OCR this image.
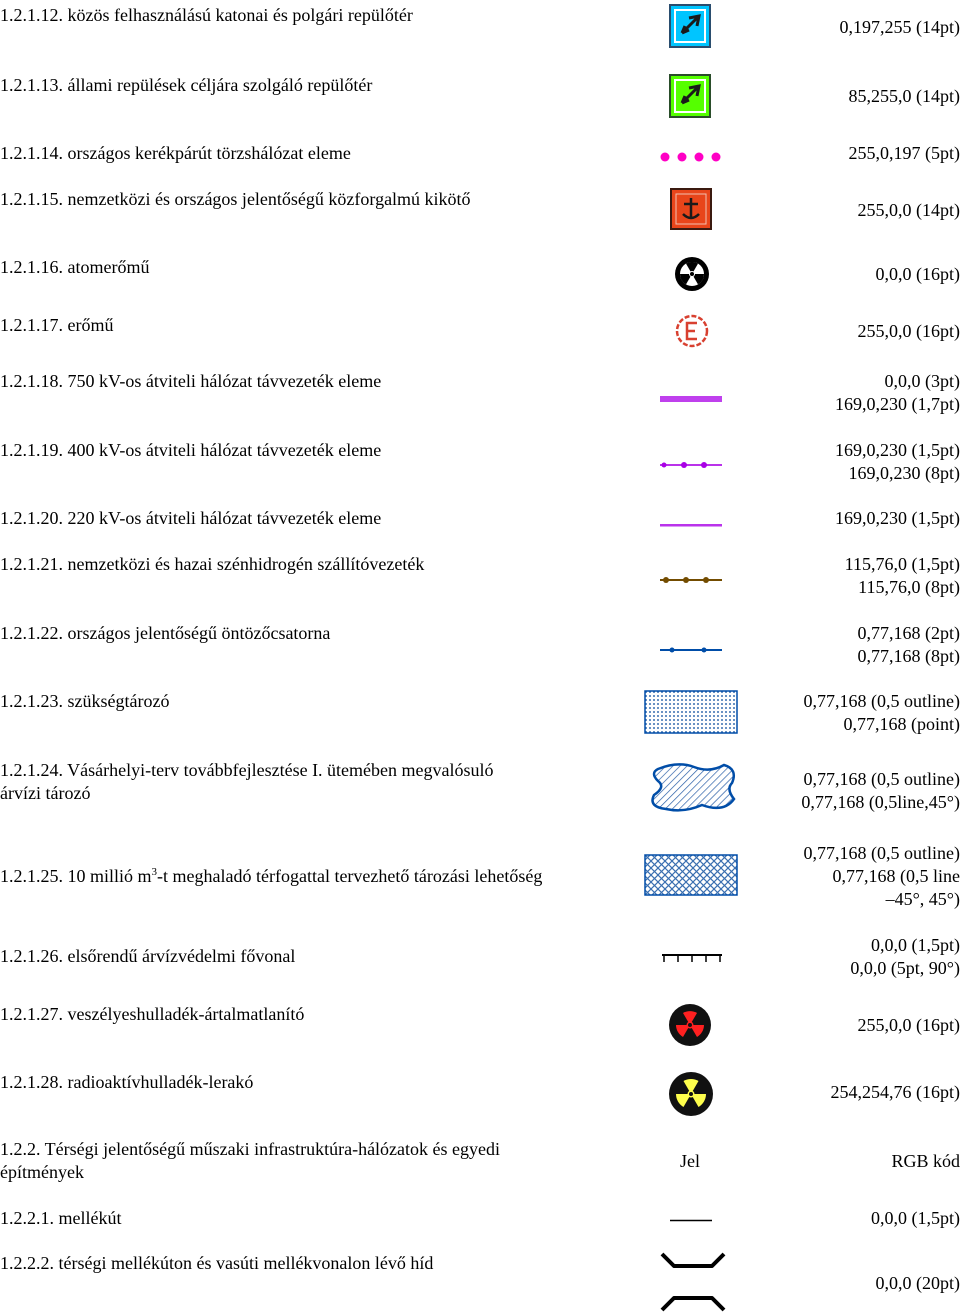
1.2.1.12. közös felhasználású katonai és polgári repülőtér
0,197,255 (14pt)
1.2.1.13. állami repülések céljára szolgáló repülőtér
85,255,0 (14pt)
1.2.1.14. országos kerékpárút törzshálózat eleme	255,0,197 (5pt)
1.2.1.15. nemzetközi és országos jelentőségű közforgalmú kikötő
255,0,0 (14pt)
1.2.1.16. atomerőmű	0,0,0 (16pt)
1.2.1.17. erőmű	255,0,0 (16pt)
1.2.1.18. 750 kV-os átviteli hálózat távvezeték eleme	0,0,0 (3pt)
169,0,230 (1,7pt)
1.2.1.19. 400 kV-os átviteli hálózat távvezeték eleme	169,0,230 (1,5pt)
169,0,230 (8pt)
1.2.1.20. 220 kV-os átviteli hálózat távvezeték eleme	169,0,230 (1,5pt)
1.2.1.21. nemzetközi és hazai szénhidrogén szállítóvezeték	115,76,0 (1,5pt)
115,76,0 (8pt)
1.2.1.22. országos jelentőségű öntözőcsatorna	0,77,168 (2pt)
0,77,168 (8pt)
1.2.1.23. szükségtározó	0,77,168 (0,5 outline)
0,77,168 (point)
1.2.1.24. Vásárhelyi-terv továbbfejlesztése I. ütemében megvalósuló
árvízi tározó
0,77,168 (0,5 outline)
0,77,168 (0,5line,45°)
1.2.1.25. 10 millió $m^3-t$ meghaladó térfogattal tervezhető tározási lehetőség
0,77,168 (0,5 outline)
0,77,168 (0,5 line
–45°, 45°)
1.2.1.26. elsőrendű árvízvédelmi fővonal
0,0,0 (1,5pt)
0,0,0 (5pt, 90°)
1.2.1.27. veszélyeshulladék-ártalmatlanító
255,0,0 (16pt)
1.2.1.28. radioaktívhulladék-lerakó	254,254,76 (16pt)
1.2.2. Térségi jelentőségű műszaki infrastruktúra-hálózatok és egyedi
építmények
Jel	RGB kód
1.2.2.1. mellékút	0,0,0 (1,5pt)
1.2.2.2. térségi mellékúton és vasúti mellékvonalon lévő híd
0,0,0 (20pt)
